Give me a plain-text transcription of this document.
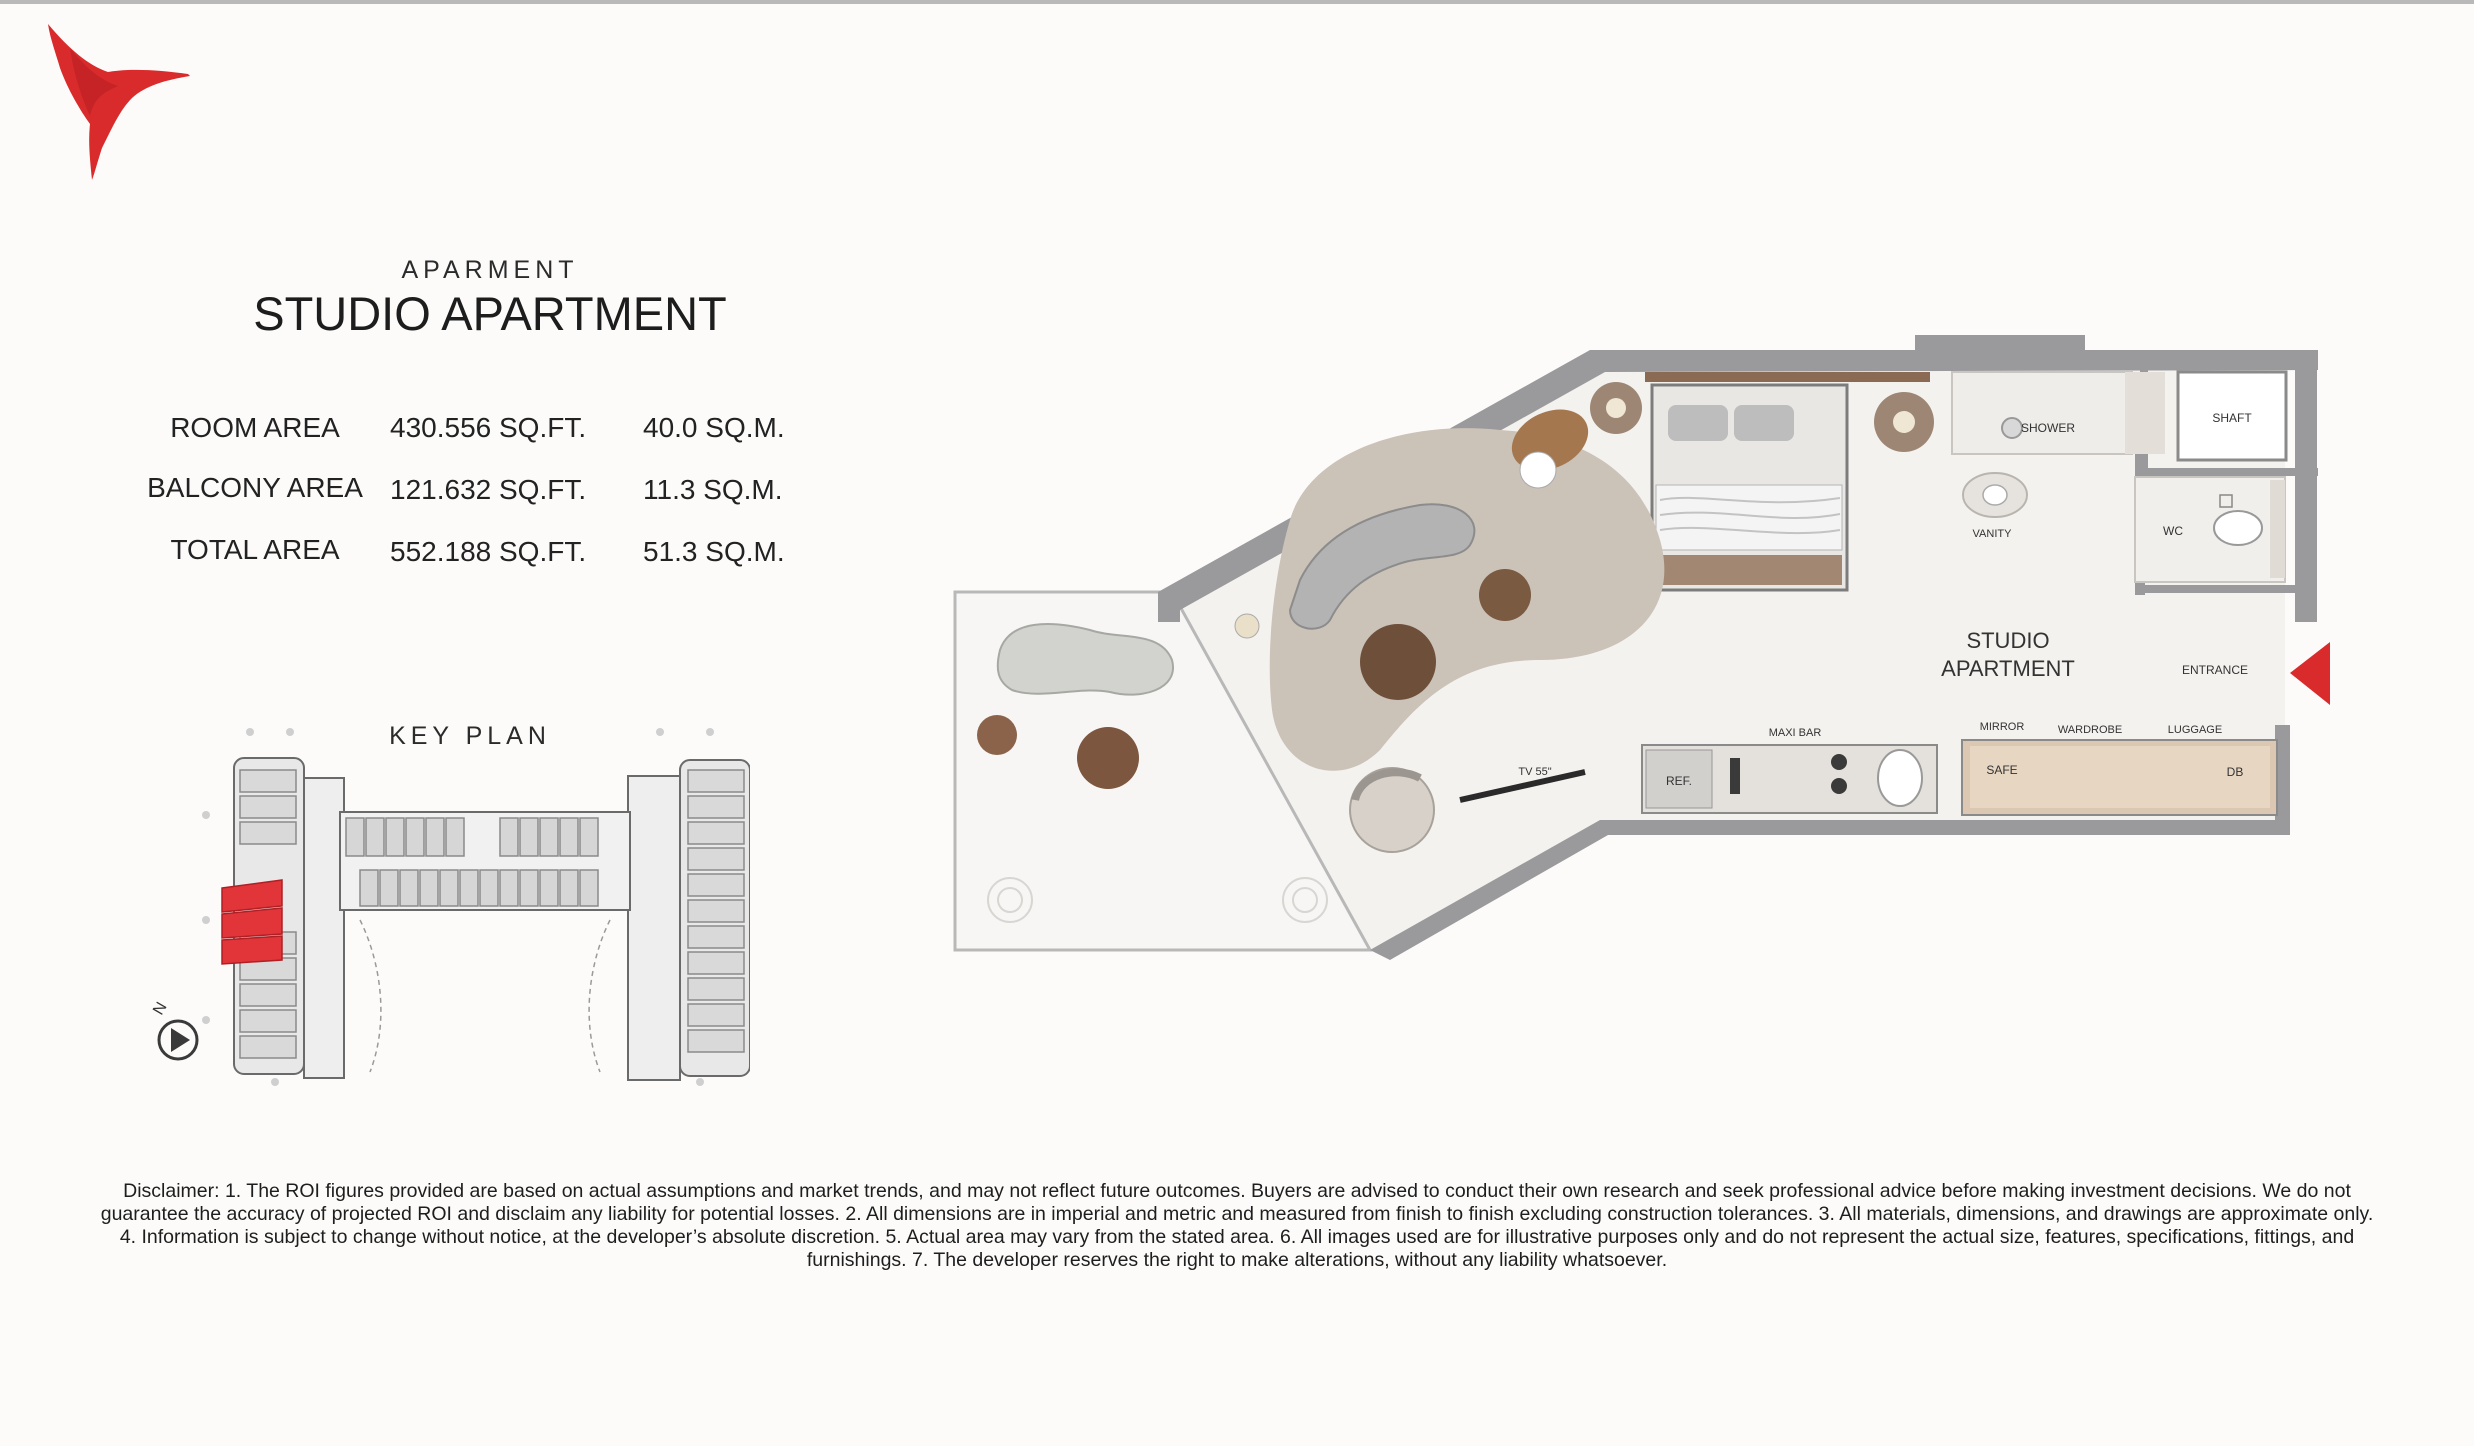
APARMENT
STUDIO APARTMENT
ROOM AREA	430.556 SQ.FT. 40.0 SQ.M.
BALCONY AREA 121.632 SQ.FT. 11.3 SQ.M.
TOTAL AREA	552.188 SQ.FT. 51.3 SQ.M.
KEY PLAN
N
SHAFT
SHOWER
VANITY	WC
TV 55"
REF.
MAXI BAR	MIRROR	WARDROBE	LUGGAGE
SAFE	DB
STUDIO
APARTMENT	ENTRANCE
Disclaimer: 1. The ROI figures provided are based on actual assumptions and market trends, and may not reflect future outcomes. Buyers are advised to conduct their own research and seek professional advice before making investment decisions. We do not
guarantee the accuracy of projected ROI and disclaim any liability for potential losses. 2. All dimensions are in imperial and metric and measured from finish to finish excluding construction tolerances. 3. All materials, dimensions, and drawings are approximate only.
4. Information is subject to change without notice, at the developer’s absolute discretion. 5. Actual area may vary from the stated area. 6. All images used are for illustrative purposes only and do not represent the actual size, features, specifications, fittings, and
furnishings. 7. The developer reserves the right to make alterations, without any liability whatsoever.
